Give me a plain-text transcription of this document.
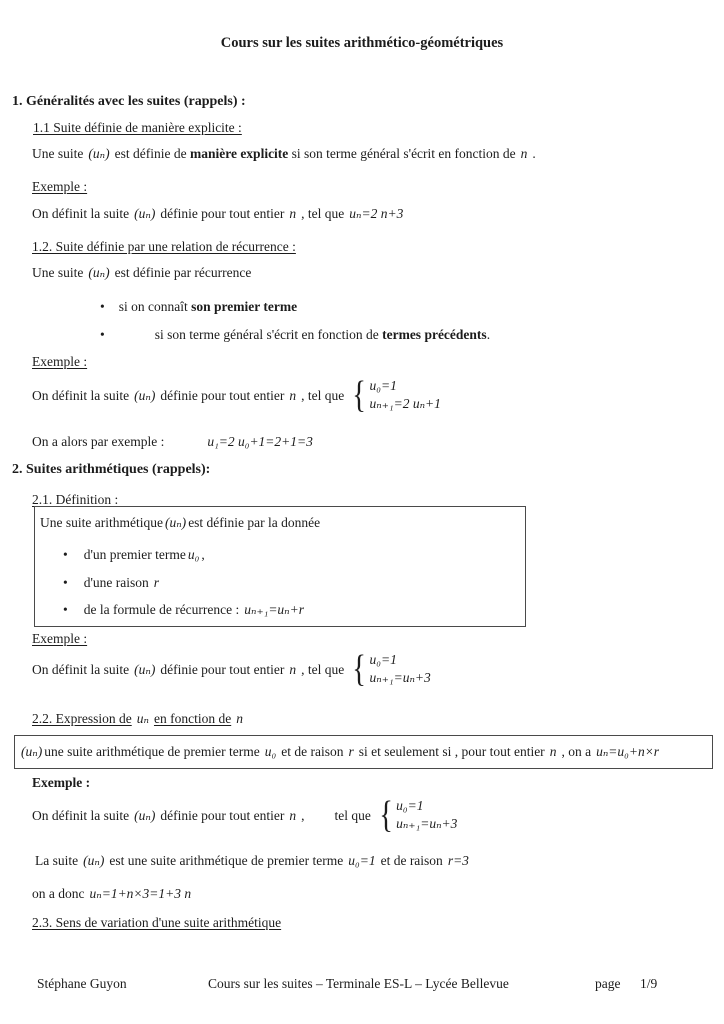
Cours sur les suites arithmético-géométriques
1. Généralités avec les suites (rappels) :
1.1 Suite définie de manière explicite :
Une suite (uₙ) est définie de manière explicite si son terme général s'écrit en fonction de n .
Exemple :
On définit la suite (uₙ) définie pour tout entier n , tel que uₙ=2 n+3
1.2. Suite définie par une relation de récurrence :
Une suite (uₙ) est définie par récurrence
• si on connaît son premier terme
•	si son terme général s'écrit en fonction de termes précédents.
Exemple :
On définit la suite (uₙ) définie pour tout entier n , tel que { u₀=1
uₙ₊₁=2 uₙ+1
On a alors par exemple :	u₁=2 u₀+1=2+1=3
2. Suites arithmétiques (rappels):
2.1. Définition :
Une suite arithmétique (uₙ) est définie par la donnée
• d'un premier terme u₀ ,
• d'une raison r
• de la formule de récurrence : uₙ₊₁=uₙ+r
Exemple :
On définit la suite (uₙ) définie pour tout entier n , tel que { u₀=1
uₙ₊₁=uₙ+3
2.2. Expression de uₙ en fonction de n
(uₙ) une suite arithmétique de premier terme u₀ et de raison r si et seulement si , pour tout entier n , on a uₙ=u₀+n×r
Exemple :
On définit la suite (uₙ) définie pour tout entier n , tel que { u₀=1
uₙ₊₁=uₙ+3
La suite (uₙ) est une suite arithmétique de premier terme u₀=1 et de raison r=3
on a donc uₙ=1+n×3=1+3 n
2.3. Sens de variation d'une suite arithmétique
Stéphane Guyon	Cours sur les suites – Terminale ES-L – Lycée Bellevue	page 1/9
